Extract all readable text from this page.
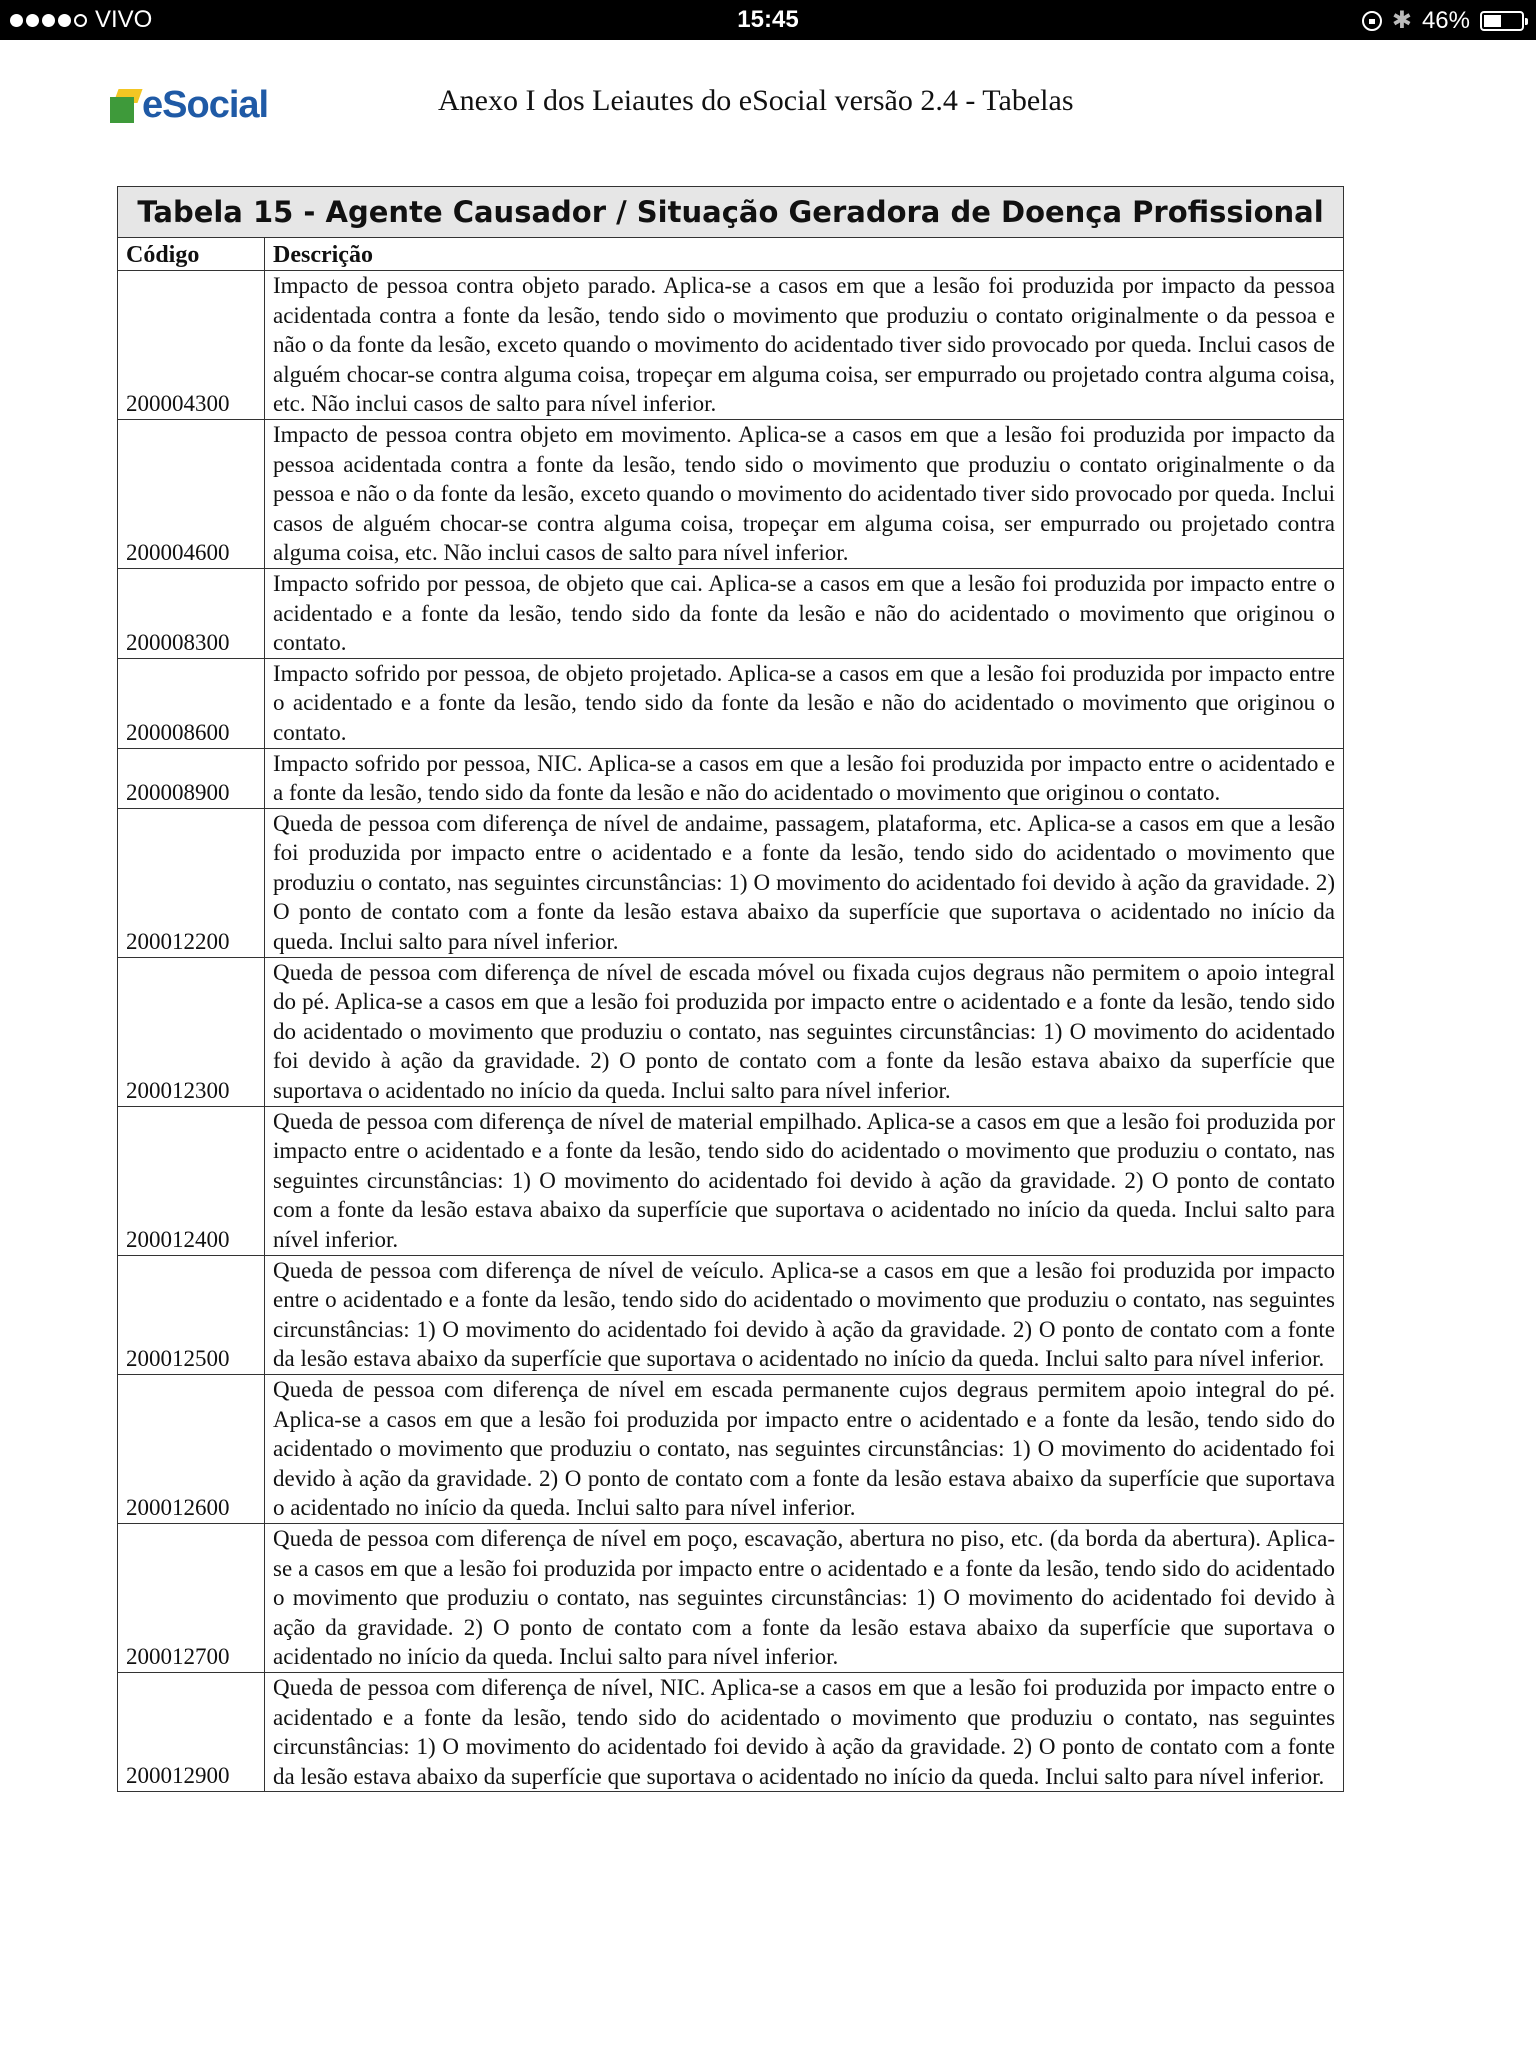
VIVO	15:45	✱ 46%
eSocial	Anexo I dos Leiautes do eSocial versão 2.4 - Tabelas
Tabela 15 - Agente Causador / Situação Geradora de Doença Profissional	
Código	Descrição
200004300	Impacto de pessoa contra objeto parado. Aplica-se a casos em que a lesão foi produzida por impacto da pessoa acidentada contra a fonte da lesão, tendo sido o movimento que produziu o contato originalmente o da pessoa e não o da fonte da lesão, exceto quando o movimento do acidentado tiver sido provocado por queda. Inclui casos de alguém chocar-se contra alguma coisa, tropeçar em alguma coisa, ser empurrado ou projetado contra alguma coisa, etc. Não inclui casos de salto para nível inferior.
200004600	Impacto de pessoa contra objeto em movimento. Aplica-se a casos em que a lesão foi produzida por impacto da pessoa acidentada contra a fonte da lesão, tendo sido o movimento que produziu o contato originalmente o da pessoa e não o da fonte da lesão, exceto quando o movimento do acidentado tiver sido provocado por queda. Inclui casos de alguém chocar-se contra alguma coisa, tropeçar em alguma coisa, ser empurrado ou projetado contra alguma coisa, etc. Não inclui casos de salto para nível inferior.
200008300	Impacto sofrido por pessoa, de objeto que cai. Aplica-se a casos em que a lesão foi produzida por impacto entre o acidentado e a fonte da lesão, tendo sido da fonte da lesão e não do acidentado o movimento que originou o contato.
200008600	Impacto sofrido por pessoa, de objeto projetado. Aplica-se a casos em que a lesão foi produzida por impacto entre o acidentado e a fonte da lesão, tendo sido da fonte da lesão e não do acidentado o movimento que originou o contato.
200008900	Impacto sofrido por pessoa, NIC. Aplica-se a casos em que a lesão foi produzida por impacto entre o acidentado e a fonte da lesão, tendo sido da fonte da lesão e não do acidentado o movimento que originou o contato.
200012200	Queda de pessoa com diferença de nível de andaime, passagem, plataforma, etc. Aplica-se a casos em que a lesão foi produzida por impacto entre o acidentado e a fonte da lesão, tendo sido do acidentado o movimento que produziu o contato, nas seguintes circunstâncias: 1) O movimento do acidentado foi devido à ação da gravidade. 2) O ponto de contato com a fonte da lesão estava abaixo da superfície que suportava o acidentado no início da queda. Inclui salto para nível inferior.
200012300	Queda de pessoa com diferença de nível de escada móvel ou fixada cujos degraus não permitem o apoio integral do pé. Aplica-se a casos em que a lesão foi produzida por impacto entre o acidentado e a fonte da lesão, tendo sido do acidentado o movimento que produziu o contato, nas seguintes circunstâncias: 1) O movimento do acidentado foi devido à ação da gravidade. 2) O ponto de contato com a fonte da lesão estava abaixo da superfície que suportava o acidentado no início da queda. Inclui salto para nível inferior.
200012400	Queda de pessoa com diferença de nível de material empilhado. Aplica-se a casos em que a lesão foi produzida por impacto entre o acidentado e a fonte da lesão, tendo sido do acidentado o movimento que produziu o contato, nas seguintes circunstâncias: 1) O movimento do acidentado foi devido à ação da gravidade. 2) O ponto de contato com a fonte da lesão estava abaixo da superfície que suportava o acidentado no início da queda. Inclui salto para nível inferior.
200012500	Queda de pessoa com diferença de nível de veículo. Aplica-se a casos em que a lesão foi produzida por impacto entre o acidentado e a fonte da lesão, tendo sido do acidentado o movimento que produziu o contato, nas seguintes circunstâncias: 1) O movimento do acidentado foi devido à ação da gravidade. 2) O ponto de contato com a fonte da lesão estava abaixo da superfície que suportava o acidentado no início da queda. Inclui salto para nível inferior.
200012600	Queda de pessoa com diferença de nível em escada permanente cujos degraus permitem apoio integral do pé. Aplica-se a casos em que a lesão foi produzida por impacto entre o acidentado e a fonte da lesão, tendo sido do acidentado o movimento que produziu o contato, nas seguintes circunstâncias: 1) O movimento do acidentado foi devido à ação da gravidade. 2) O ponto de contato com a fonte da lesão estava abaixo da superfície que suportava o acidentado no início da queda. Inclui salto para nível inferior.
200012700	Queda de pessoa com diferença de nível em poço, escavação, abertura no piso, etc. (da borda da abertura). Aplica-se a casos em que a lesão foi produzida por impacto entre o acidentado e a fonte da lesão, tendo sido do acidentado o movimento que produziu o contato, nas seguintes circunstâncias: 1) O movimento do acidentado foi devido à ação da gravidade. 2) O ponto de contato com a fonte da lesão estava abaixo da superfície que suportava o acidentado no início da queda. Inclui salto para nível inferior.
200012900	Queda de pessoa com diferença de nível, NIC. Aplica-se a casos em que a lesão foi produzida por impacto entre o acidentado e a fonte da lesão, tendo sido do acidentado o movimento que produziu o contato, nas seguintes circunstâncias: 1) O movimento do acidentado foi devido à ação da gravidade. 2) O ponto de contato com a fonte da lesão estava abaixo da superfície que suportava o acidentado no início da queda. Inclui salto para nível inferior.
